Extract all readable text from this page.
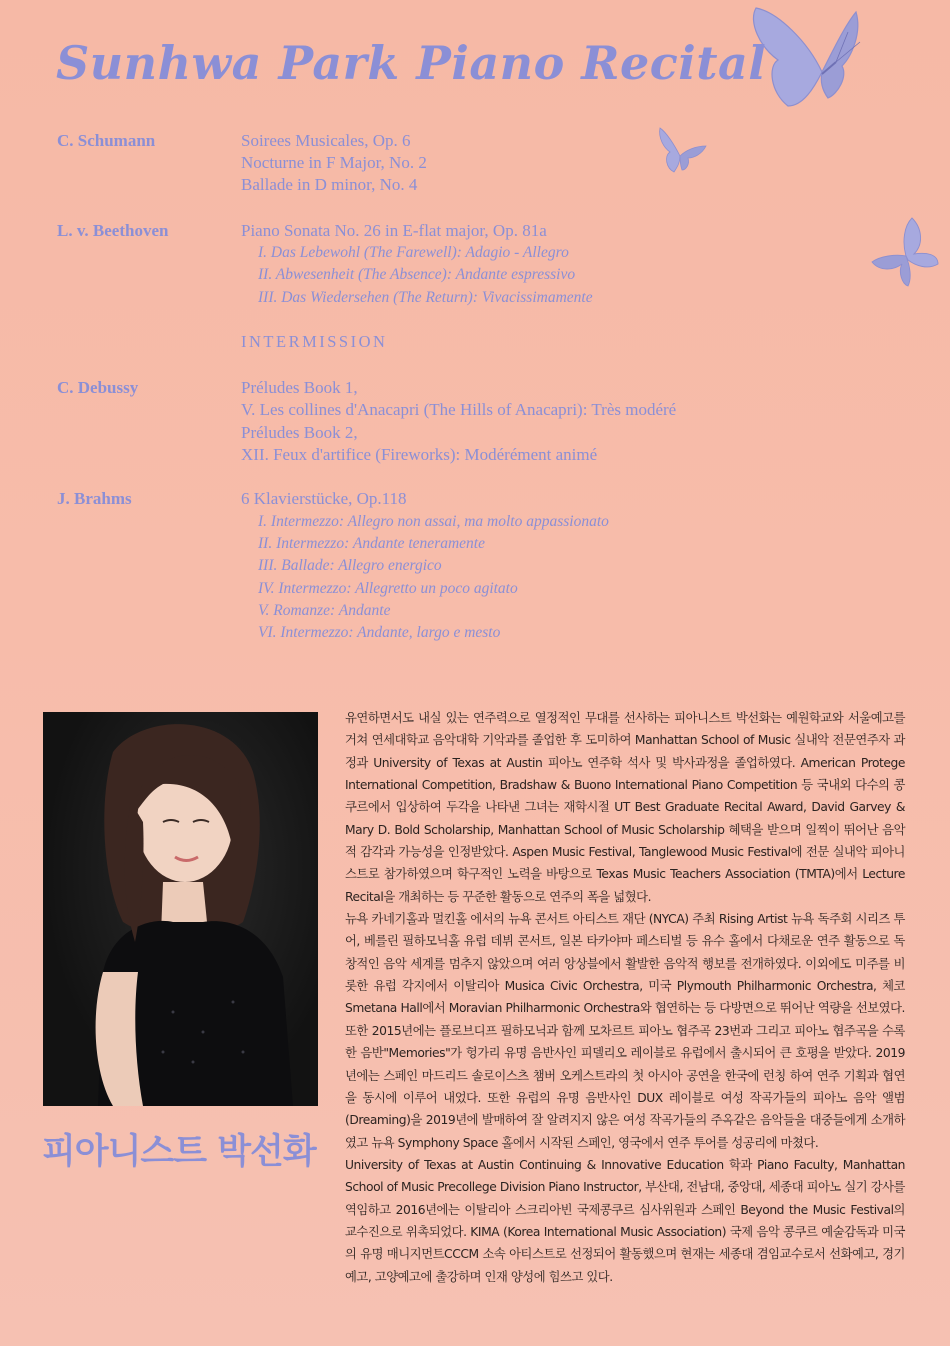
Sunhwa Park Piano Recital
C. Schumann	Soirees Musicales, Op. 6
Nocturne in F Major, No. 2
Ballade in D minor, No. 4
L. v. Beethoven	Piano Sonata No. 26 in E-flat major, Op. 81a
I. Das Lebewohl (The Farewell): Adagio - Allegro
II. Abwesenheit (The Absence): Andante espressivo
III. Das Wiedersehen (The Return): Vivacissimamente
INTERMISSION
C. Debussy	Préludes Book 1,
V. Les collines d'Anacapri (The Hills of Anacapri): Très modéré
Préludes Book 2,
XII. Feux d'artifice (Fireworks): Modérément animé
J. Brahms	6 Klavierstücke, Op.118
I. Intermezzo: Allegro non assai, ma molto appassionato
II. Intermezzo: Andante teneramente
III. Ballade: Allegro energico
IV. Intermezzo: Allegretto un poco agitato
V. Romanze: Andante
VI. Intermezzo: Andante, largo e mesto
피아니스트 박선화

유연하면서도 내실 있는 연주력으로 열정적인 무대를 선사하는 피아니스트 박선화는 예원학교와 서울예고를 거쳐 연세대학교 음악대학 기악과를 졸업한 후 도미하여 Manhattan School of Music 실내악 전문연주자 과정과 University of Texas at Austin 피아노 연주학 석사 및 박사과정을 졸업하였다. American Protege International Competition, Bradshaw & Buono International Piano Competition 등 국내외 다수의 콩쿠르에서 입상하여 두각을 나타낸 그녀는 재학시절 UT Best Graduate Recital Award, David Garvey & Mary D. Bold Scholarship, Manhattan School of Music Scholarship 혜택을 받으며 일찍이 뛰어난 음악적 감각과 가능성을 인정받았다. Aspen Music Festival, Tanglewood Music Festival에 전문 실내악 피아니스트로 참가하였으며 학구적인 노력을 바탕으로 Texas Music Teachers Association (TMTA)에서 Lecture Recital을 개최하는 등 꾸준한 활동으로 연주의 폭을 넓혔다.

뉴욕 카네기홀과 멀킨홀 에서의 뉴욕 콘서트 아티스트 재단 (NYCA) 주최 Rising Artist 뉴욕 독주회 시리즈 투어, 베를린 필하모닉홀 유럽 데뷔 콘서트, 일본 타카야마 페스티벌 등 유수 홀에서 다채로운 연주 활동으로 독창적인 음악 세계를 멈추지 않았으며 여러 앙상블에서 활발한 음악적 행보를 전개하였다. 이외에도 미주를 비롯한 유럽 각지에서 이탈리아 Musica Civic Orchestra, 미국 Plymouth Philharmonic Orchestra, 체코 Smetana Hall에서 Moravian Philharmonic Orchestra와 협연하는 등 다방면으로 뛰어난 역량을 선보였다. 또한 2015년에는 플로브디프 필하모닉과 함께 모차르트 피아노 협주곡 23번과 그리고 피아노 협주곡을 수록한 음반"Memories"가 헝가리 유명 음반사인 피델리오 레이블로 유럽에서 출시되어 큰 호평을 받았다. 2019년에는 스페인 마드리드 솔로이스츠 챔버 오케스트라의 첫 아시아 공연을 한국에 런칭 하여 연주 기획과 협연을 동시에 이루어 내었다. 또한 유럽의 유명 음반사인 DUX 레이블로 여성 작곡가들의 피아노 음악 앨범(Dreaming)을 2019년에 발매하여 잘 알려지지 않은 여성 작곡가들의 주옥같은 음악들을 대중들에게 소개하였고 뉴욕 Symphony Space 홀에서 시작된 스페인, 영국에서 연주 투어를 성공리에 마쳤다.

University of Texas at Austin Continuing & Innovative Education 학과 Piano Faculty, Manhattan School of Music Precollege Division Piano Instructor, 부산대, 전남대, 중앙대, 세종대 피아노 실기 강사를 역임하고 2016년에는 이탈리아 스크리아빈 국제콩쿠르 심사위원과 스페인 Beyond the Music Festival의 교수진으로 위촉되었다. KIMA (Korea International Music Association) 국제 음악 콩쿠르 예술감독과 미국의 유명 매니지먼트CCCM 소속 아티스트로 선정되어 활동했으며 현재는 세종대 겸임교수로서 선화예고, 경기예고, 고양예고에 출강하며 인재 양성에 힘쓰고 있다.
